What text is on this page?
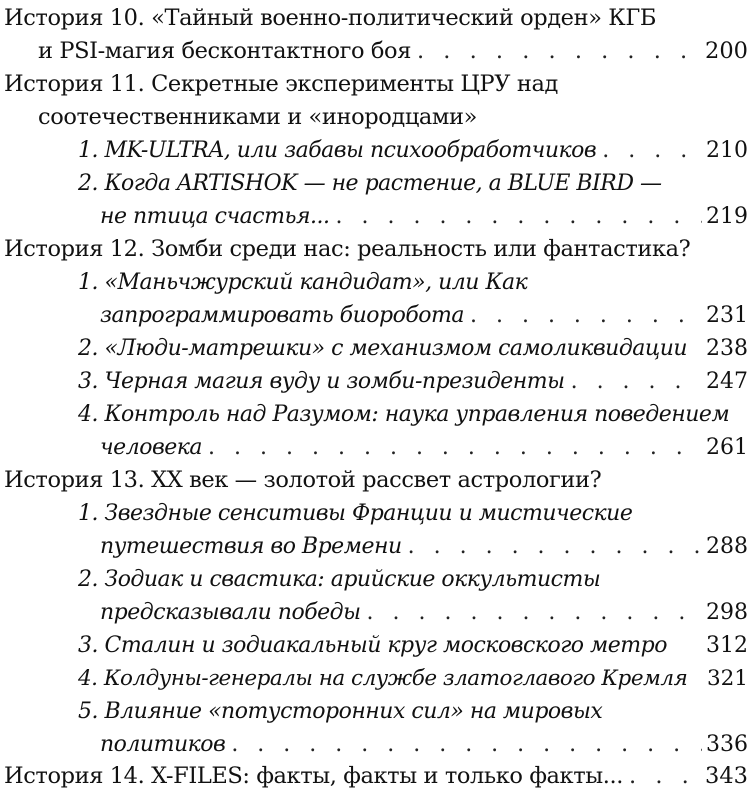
История 10. «Тайный военно-политический орден» КГБ
и PSI-магия бесконтактного боя . . .	200
История 11. Секретные эксперименты ЦРУ над
соотечественниками и «инородцами»
1. MK-ULTRA, или забавы психообработчиков . . .	210
2. Когда ARTISHOK — не растение, а BLUE BIRD —
не птица счастья... . . .	219
История 12. Зомби среди нас: реальность или фантастика?
1. «Маньчжурский кандидат», или Как
запрограммировать биоробота . . .	231
2. «Люди-матрешки» с механизмом самоликвидации 238
3. Черная магия вуду и зомби-президенты . . .	247
4. Контроль над Разумом: наука управления поведением
человека . . .	261
История 13. XX век — золотой рассвет астрологии?
1. Звездные сенситивы Франции и мистические
путешествия во Времени . . .	288
2. Зодиак и свастика: арийские оккультисты
предсказывали победы . . .	298
3. Сталин и зодиакальный круг московского метро 312
4. Колдуны-генералы на службе златоглавого Кремля 321
5. Влияние «потусторонних сил» на мировых
политиков . . .	336
История 14. X-FILES: факты, факты и только факты... . . .	343
